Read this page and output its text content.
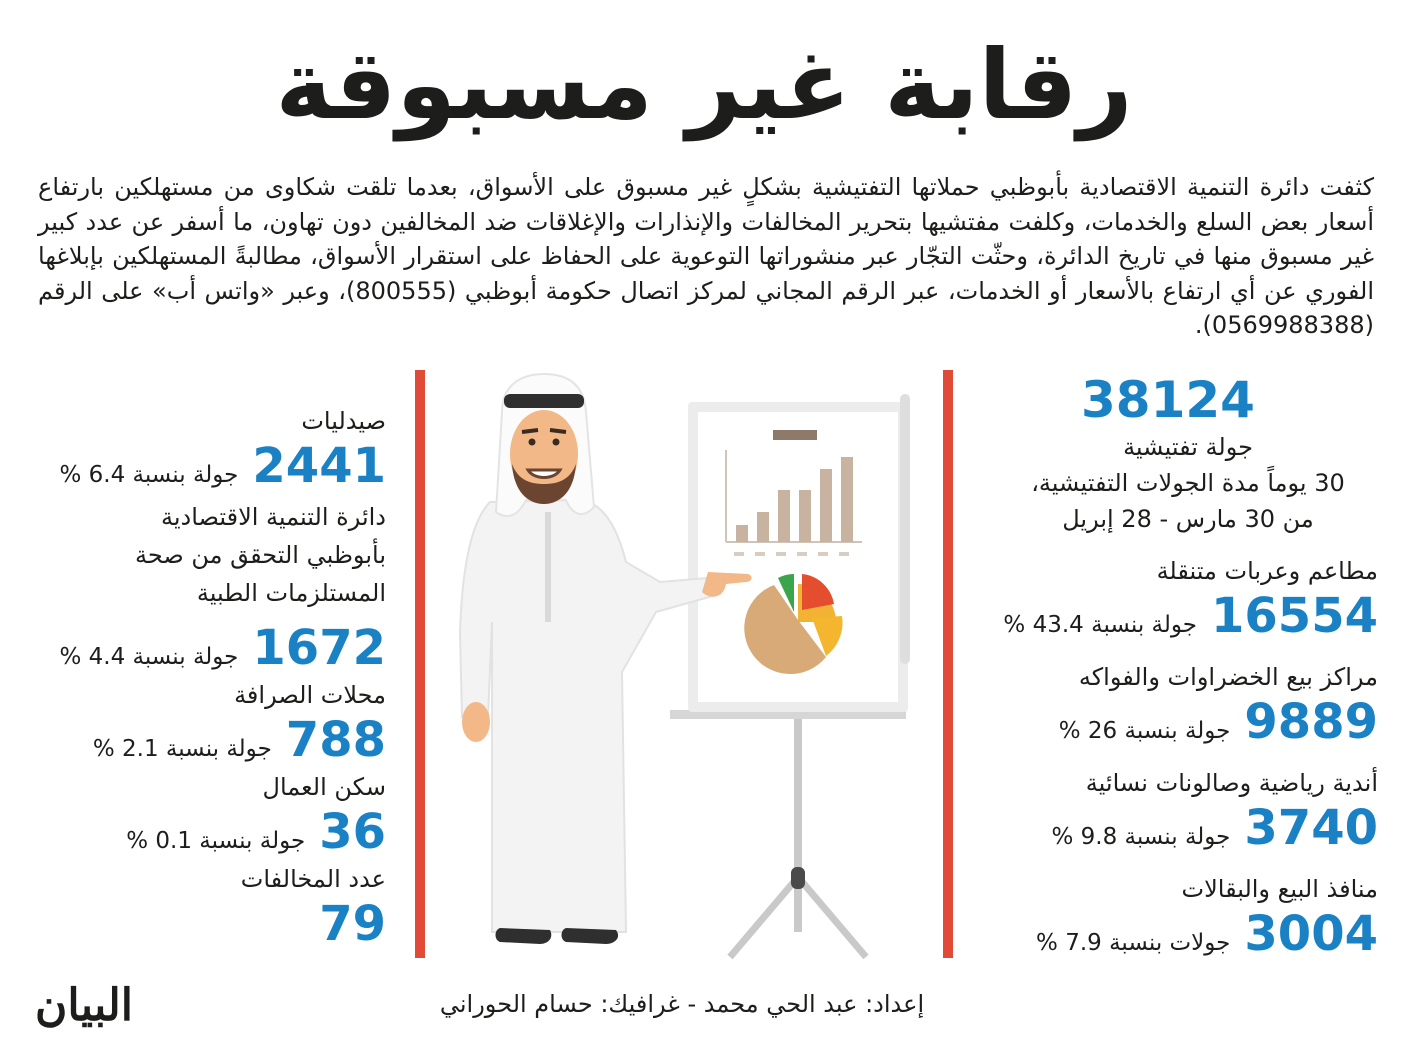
رقابة غير مسبوقة

كثفت دائرة التنمية الاقتصادية بأبوظبي حملاتها التفتيشية بشكلٍ غير مسبوق على الأسواق، بعدما تلقت شكاوى من مستهلكين بارتفاع أسعار بعض السلع والخدمات، وكلفت مفتشيها بتحرير المخالفات والإنذارات والإغلاقات ضد المخالفين دون تهاون، ما أسفر عن عدد كبير غير مسبوق منها في تاريخ الدائرة، وحثّت التجّار عبر منشوراتها التوعوية على الحفاظ على استقرار الأسواق، مطالبةً المستهلكين بإبلاغها الفوري عن أي ارتفاع بالأسعار أو الخدمات، عبر الرقم المجاني لمركز اتصال حكومة أبوظبي (800555)، وعبر «واتس أب» على الرقم (0569988388).

38124
جولة تفتيشية
30 يوماً مدة الجولات التفتيشية،
من 30 مارس - 28 إبريل
مطاعم وعربات متنقلة
16554
جولة بنسبة 43.4 %
مراكز بيع الخضراوات والفواكه
9889
جولة بنسبة 26 %
أندية رياضية وصالونات نسائية
3740
جولة بنسبة 9.8 %
منافذ البيع والبقالات
3004
جولات بنسبة 7.9 %
صيدليات
2441
جولة بنسبة 6.4 %
دائرة التنمية الاقتصادية
بأبوظبي التحقق من صحة
المستلزمات الطبية
1672
جولة بنسبة 4.4 %
محلات الصرافة
788
جولة بنسبة 2.1 %
سكن العمال
36
جولة بنسبة 0.1 %
عدد المخالفات
79
إعداد: عبد الحي محمد - غرافيك: حسام الحوراني
البيان
